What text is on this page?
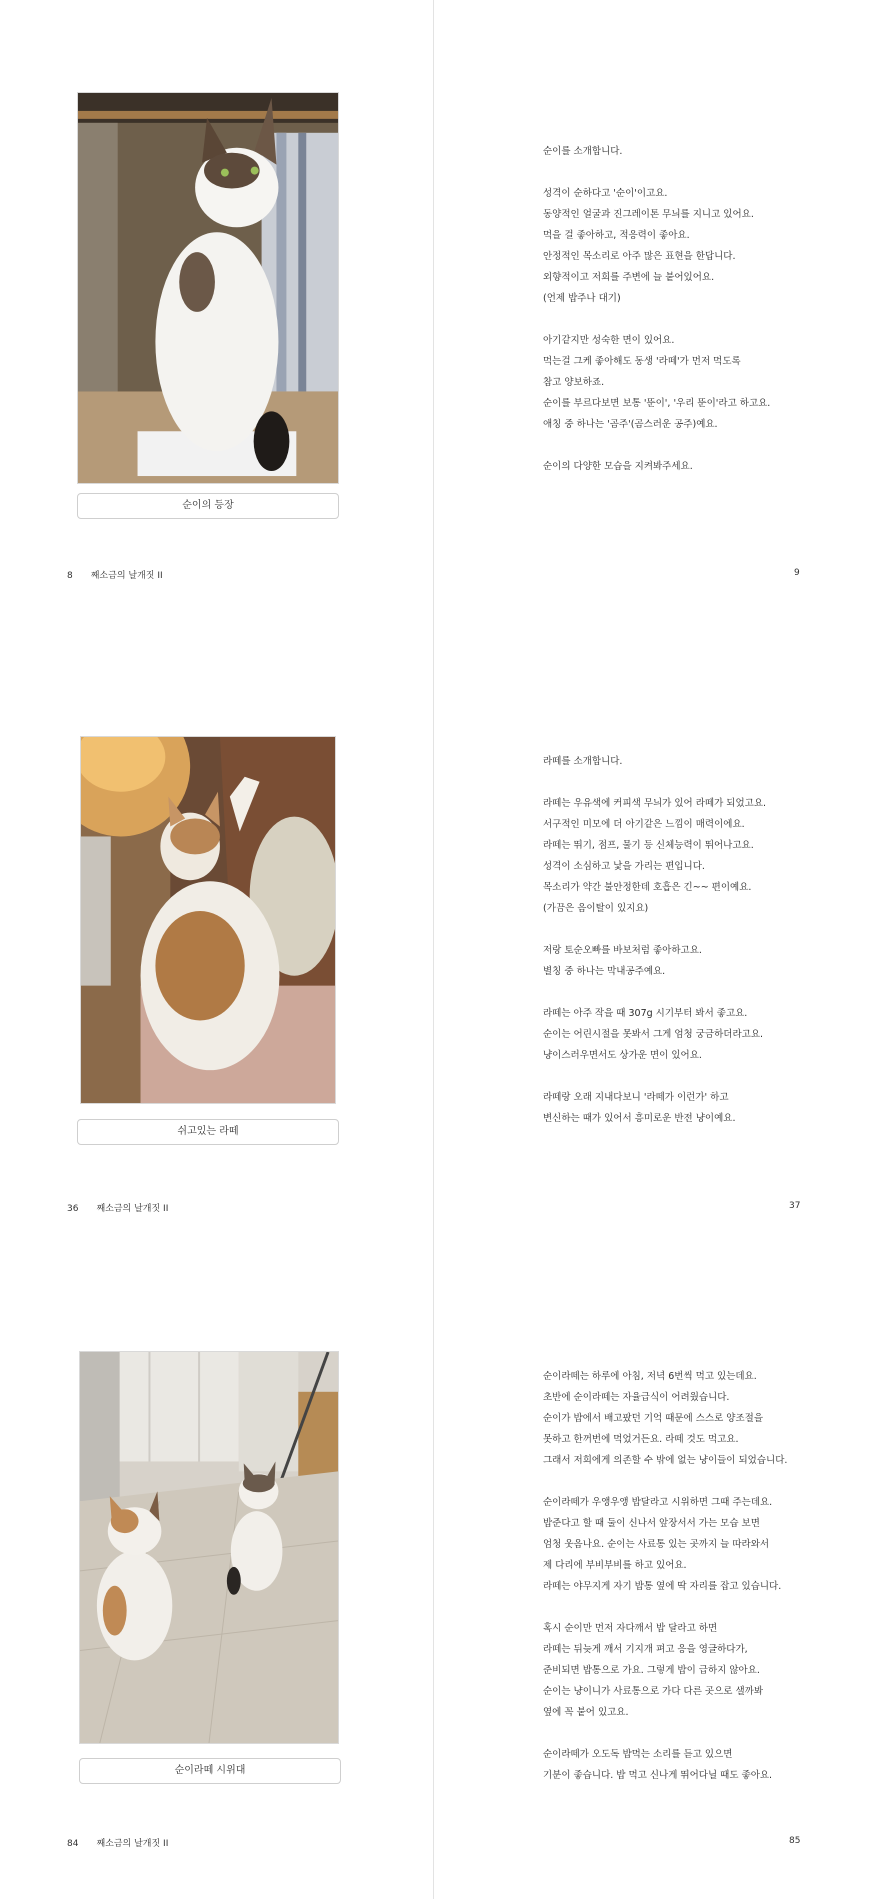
순이의 등장
8 째소금의 날개짓 II

순이를 소개합니다.

성격이 순하다고 '순이'이고요.

동양적인 얼굴과 진그레이톤 무늬를 지니고 있어요.

먹을 걸 좋아하고, 적응력이 좋아요.

안정적인 목소리로 아주 많은 표현을 한답니다.

외향적이고 저희를 주변에 늘 붙어있어요.

(언제 밥주나 대기)

아기같지만 성숙한 면이 있어요.

먹는걸 그케 좋아해도 동생 '라떼'가 먼저 먹도록

참고 양보하죠.

순이를 부르다보면 보통 '뚠이', '우리 뚠이'라고 하고요.

애칭 중 하나는 '곰주'(곰스러운 공주)예요.

순이의 다양한 모습을 지켜봐주세요.

9
쉬고있는 라떼
36 째소금의 날개짓 II

라떼를 소개합니다.

라떼는 우유색에 커피색 무늬가 있어 라떼가 되었고요.

서구적인 미모에 더 아기같은 느낌이 매력이에요.

라떼는 뛰기, 점프, 물기 등 신체능력이 뛰어나고요.

성격이 소심하고 낯을 가리는 편입니다.

목소리가 약간 불안정한데 호흡은 긴~~ 편이예요.

(가끔은 음이탈이 있지요)

저랑 토순오빠를 바보처럼 좋아하고요.

별칭 중 하나는 막내공주예요.

라떼는 아주 작을 때 307g 시기부터 봐서 좋고요.

순이는 어린시절을 못봐서 그게 엄청 궁금하더라고요.

냥이스러우면서도 상가운 면이 있어요.

라떼랑 오래 지내다보니 '라떼가 이런가' 하고

변신하는 때가 있어서 흥미로운 반전 냥이예요.

37
순이라떼 시위대
84 째소금의 날개짓 II

순이라떼는 하루에 아침, 저녁 6번씩 먹고 있는데요.

초반에 순이라떼는 자율급식이 어려웠습니다.

순이가 밥에서 배고팠던 기억 때문에 스스로 양조절을

못하고 한꺼번에 먹었거든요. 라떼 것도 먹고요.

그래서 저희에게 의존할 수 밖에 없는 냥이들이 되었습니다.

순이라떼가 우앵우앵 밥달라고 시위하면 그때 주는데요.

밥준다고 할 때 둘이 신나서 앞장서서 가는 모습 보면

엄청 웃음나요. 순이는 사료통 있는 곳까지 늘 따라와서

제 다리에 부비부비를 하고 있어요.

라떼는 야무지게 자기 밥통 옆에 딱 자리를 잡고 있습니다.

혹시 순이만 먼저 자다깨서 밥 달라고 하면

라떼는 뒤늦게 깨서 기지개 펴고 응을 영글하다가,

준비되면 밥통으로 가요. 그렇게 밥이 급하지 않아요.

순이는 냥이니가 사료통으로 가다 다른 곳으로 샐까봐

옆에 꼭 붙어 있고요.

순이라떼가 오도독 밥먹는 소리를 듣고 있으면

기분이 좋습니다. 밥 먹고 신나게 뛰어다닐 때도 좋아요.

85
